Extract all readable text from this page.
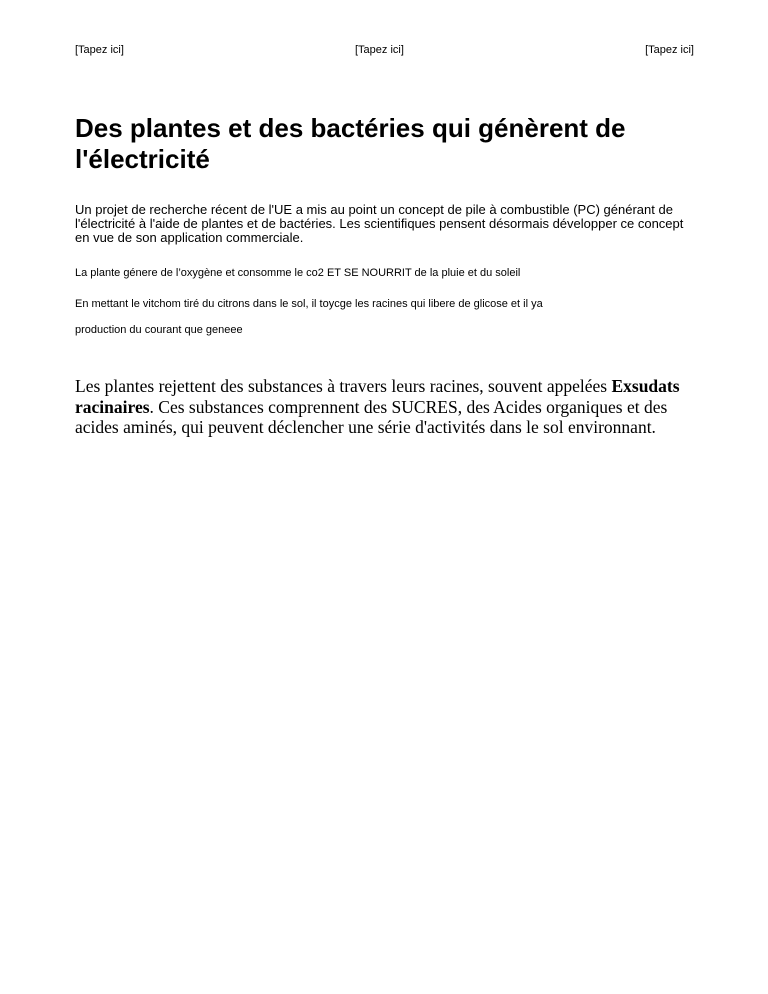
[Tapez ici]	[Tapez ici]	[Tapez ici]
Des plantes et des bactéries qui génèrent de l'électricité

Un projet de recherche récent de l'UE a mis au point un concept de pile à combustible (PC) générant de l'électricité à l'aide de plantes et de bactéries. Les scientifiques pensent désormais développer ce concept en vue de son application commerciale.

La plante génere de l’oxygène et consomme le co2 ET SE NOURRIT de la pluie et du soleil

En mettant le vitchom tiré du citrons dans le sol, il toycge les racines qui libere de glicose et il ya

production du courant que geneee

Les plantes rejettent des substances à travers leurs racines, souvent appelées Exsudats racinaires. Ces substances comprennent des SUCRES, des Acides organiques et des acides aminés, qui peuvent déclencher une série d'activités dans le sol environnant.
